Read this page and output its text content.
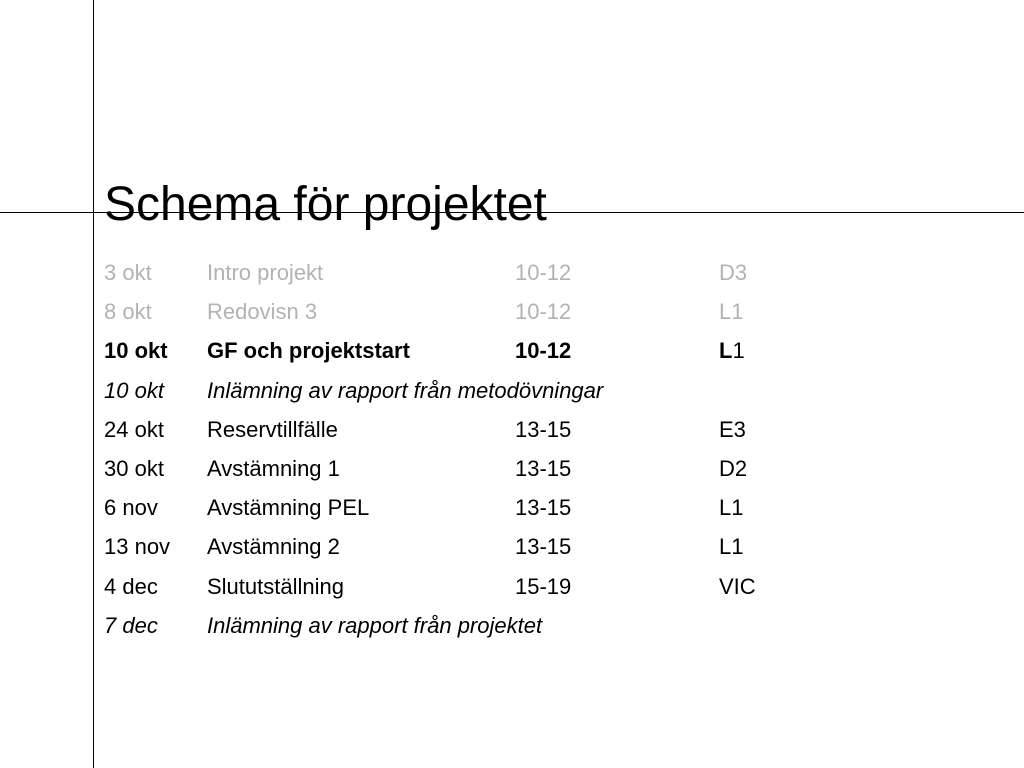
Schema för projektet
3 okt	Intro projekt	10-12	D3
8 okt	Redovisn 3	10-12	L1
10 okt GF och projektstart	10-12	L1
10 okt Inlämning av rapport från metodövningar
24 okt Reservtillfälle	13-15	E3
30 okt Avstämning 1	13-15	D2
6 nov Avstämning PEL	13-15	L1
13 nov Avstämning 2	13-15	L1
4 dec Slututställning	15-19	VIC
7 dec Inlämning av rapport från projektet
